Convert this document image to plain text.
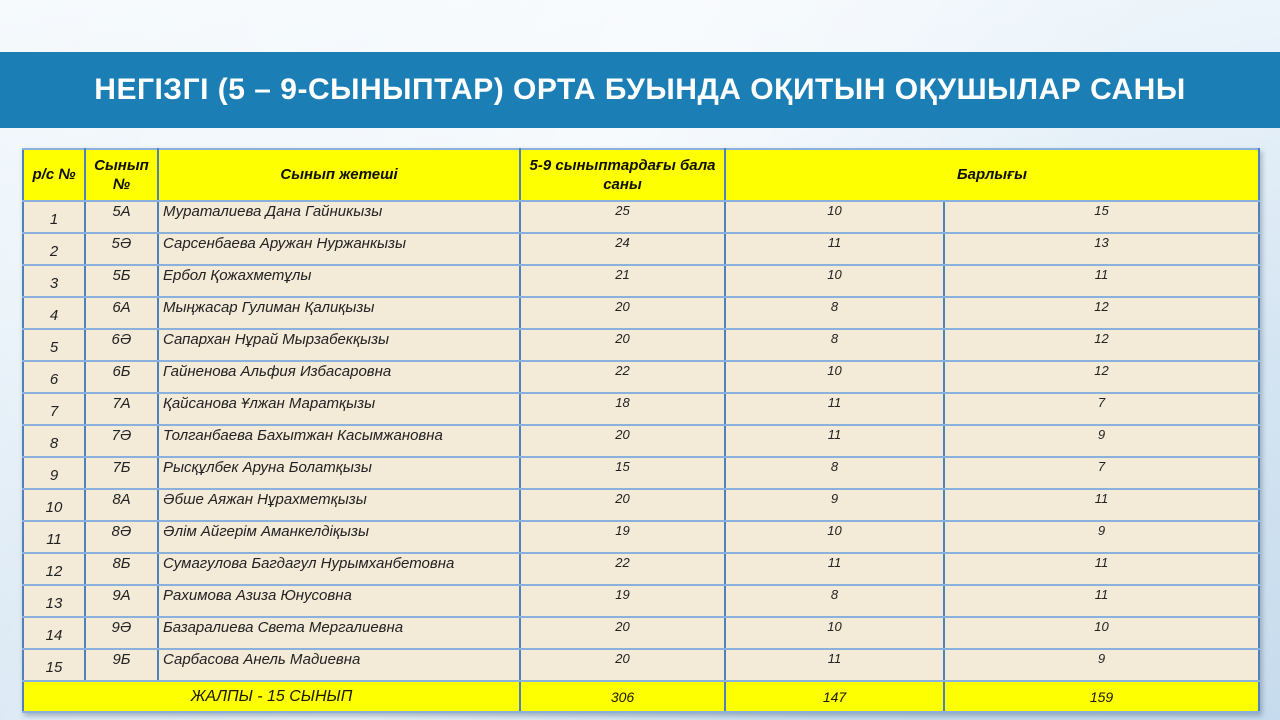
НЕГІЗГІ (5 – 9-СЫНЫПТАР) ОРТА БУЫНДА ОҚИТЫН ОҚУШЫЛАР САНЫ
р/с №	Сынып №	Сынып жетеші	5-9 сыныптардағы бала саны	Барлығы	
1	5А	Мураталиева Дана Гайникызы	25	10	15
2	5Ә	Сарсенбаева Аружан Нуржанкызы	24	11	13
3	5Б	Ербол Қожахметұлы	21	10	11
4	6А	Мыңжасар Гулиман Қалиқызы	20	8	12
5	6Ә	Сапархан Нұрай Мырзабекқызы	20	8	12
6	6Б	Гайненова Альфия Избасаровна	22	10	12
7	7А	Қайсанова Ұлжан Маратқызы	18	11	7
8	7Ә	Толганбаева Бахытжан Касымжановна	20	11	9
9	7Б	Рысқұлбек Аруна Болатқызы	15	8	7
10	8А	Әбше Аяжан Нұрахметқызы	20	9	11
11	8Ә	Әлім Айгерім Аманкелдіқызы	19	10	9
12	8Б	Сумагулова Багдагул Нурымханбетовна	22	11	11
13	9А	Рахимова Азиза Юнусовна	19	8	11
14	9Ә	Базаралиева Света Мергалиевна	20	10	10
15	9Б	Сарбасова Анель Мадиевна	20	11	9
ЖАЛПЫ - 15 СЫНЫП			306	147	159
